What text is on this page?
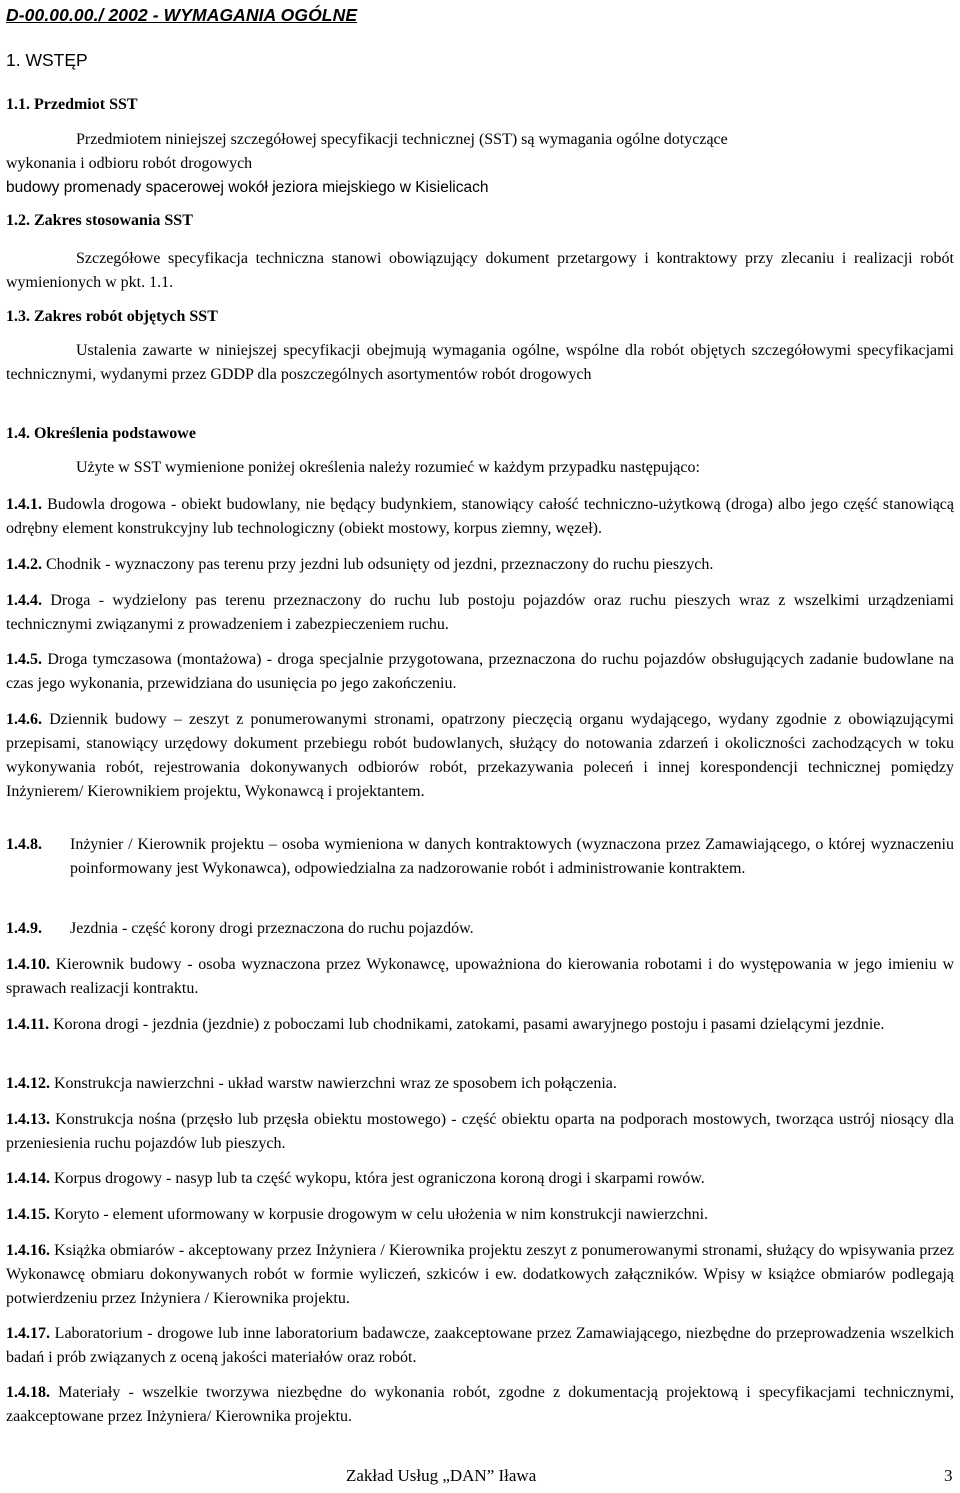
D-00.00.00./ 2002 - WYMAGANIA OGÓLNE
1. WSTĘP
1.1. Przedmiot SST
Przedmiotem niniejszej szczegółowej specyfikacji technicznej (SST) są wymagania ogólne dotyczące
wykonania i odbioru robót drogowych
budowy promenady spacerowej wokół jeziora miejskiego w Kisielicach
1.2. Zakres stosowania SST
Szczegółowe specyfikacja techniczna stanowi obowiązujący dokument przetargowy i kontraktowy przy zlecaniu i realizacji robót wymienionych w pkt. 1.1.
1.3. Zakres robót objętych SST
Ustalenia zawarte w niniejszej specyfikacji obejmują wymagania ogólne, wspólne dla robót objętych szczegółowymi specyfikacjami technicznymi, wydanymi przez GDDP dla poszczególnych asortymentów robót drogowych
1.4. Określenia podstawowe
Użyte w SST wymienione poniżej określenia należy rozumieć w każdym przypadku następująco:
1.4.1. Budowla drogowa - obiekt budowlany, nie będący budynkiem, stanowiący całość techniczno-użytkową (droga) albo jego część stanowiącą odrębny element konstrukcyjny lub technologiczny (obiekt mostowy, korpus ziemny, węzeł).
1.4.2. Chodnik - wyznaczony pas terenu przy jezdni lub odsunięty od jezdni, przeznaczony do ruchu pieszych.
1.4.4. Droga - wydzielony pas terenu przeznaczony do ruchu lub postoju pojazdów oraz ruchu pieszych wraz z wszelkimi urządzeniami technicznymi związanymi z prowadzeniem i zabezpieczeniem ruchu.
1.4.5. Droga tymczasowa (montażowa) - droga specjalnie przygotowana, przeznaczona do ruchu pojazdów obsługujących zadanie budowlane na czas jego wykonania, przewidziana do usunięcia po jego zakończeniu.
1.4.6. Dziennik budowy – zeszyt z ponumerowanymi stronami, opatrzony pieczęcią organu wydającego, wydany zgodnie z obowiązującymi przepisami, stanowiący urzędowy dokument przebiegu robót budowlanych, służący do notowania zdarzeń i okoliczności zachodzących w toku wykonywania robót, rejestrowania dokonywanych odbiorów robót, przekazywania poleceń i innej korespondencji technicznej pomiędzy Inżynierem/ Kierownikiem projektu, Wykonawcą i projektantem.
1.4.8. Inżynier / Kierownik projektu – osoba wymieniona w danych kontraktowych (wyznaczona przez Zamawiającego, o której wyznaczeniu poinformowany jest Wykonawca), odpowiedzialna za nadzorowanie robót i administrowanie kontraktem.
1.4.9. Jezdnia - część korony drogi przeznaczona do ruchu pojazdów.
1.4.10. Kierownik budowy - osoba wyznaczona przez Wykonawcę, upoważniona do kierowania robotami i do występowania w jego imieniu w sprawach realizacji kontraktu.
1.4.11. Korona drogi - jezdnia (jezdnie) z poboczami lub chodnikami, zatokami, pasami awaryjnego postoju i pasami dzielącymi jezdnie.
1.4.12. Konstrukcja nawierzchni - układ warstw nawierzchni wraz ze sposobem ich połączenia.
1.4.13. Konstrukcja nośna (przęsło lub przęsła obiektu mostowego) - część obiektu oparta na podporach mostowych, tworząca ustrój niosący dla przeniesienia ruchu pojazdów lub pieszych.
1.4.14. Korpus drogowy - nasyp lub ta część wykopu, która jest ograniczona koroną drogi i skarpami rowów.
1.4.15. Koryto - element uformowany w korpusie drogowym w celu ułożenia w nim konstrukcji nawierzchni.
1.4.16. Książka obmiarów - akceptowany przez Inżyniera / Kierownika projektu zeszyt z ponumerowanymi stronami, służący do wpisywania przez Wykonawcę obmiaru dokonywanych robót w formie wyliczeń, szkiców i ew. dodatkowych załączników. Wpisy w książce obmiarów podlegają potwierdzeniu przez Inżyniera / Kierownika projektu.
1.4.17. Laboratorium - drogowe lub inne laboratorium badawcze, zaakceptowane przez Zamawiającego, niezbędne do przeprowadzenia wszelkich badań i prób związanych z oceną jakości materiałów oraz robót.
1.4.18. Materiały - wszelkie tworzywa niezbędne do wykonania robót, zgodne z dokumentacją projektową i specyfikacjami technicznymi, zaakceptowane przez Inżyniera/ Kierownika projektu.
Zakład Usług „DAN” Iława	3
